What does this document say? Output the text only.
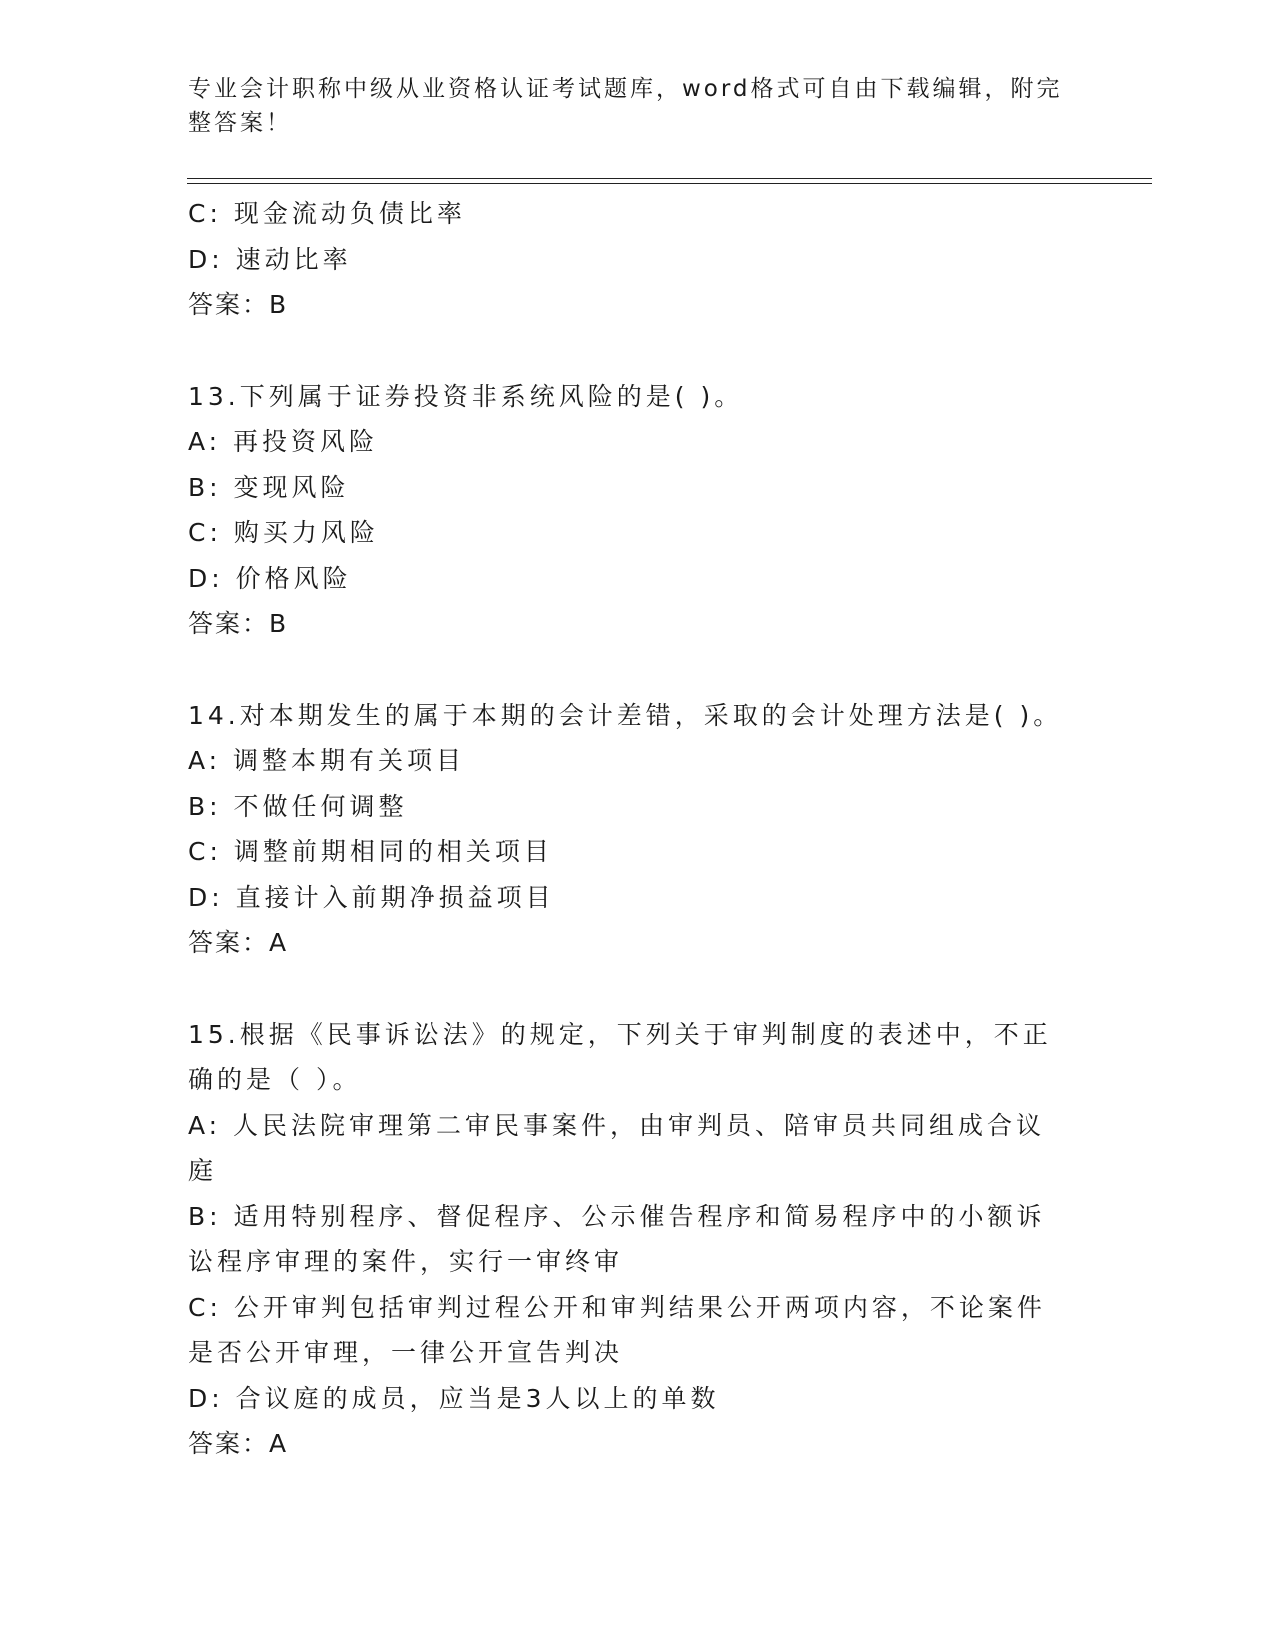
专业会计职称中级从业资格认证考试题库，word格式可自由下载编辑，附完整答案！

C: 现金流动负债比率

D: 速动比率

答案：B

13.下列属于证券投资非系统风险的是( )。

A: 再投资风险

B: 变现风险

C: 购买力风险

D: 价格风险

答案：B

14.对本期发生的属于本期的会计差错，采取的会计处理方法是( )。

A: 调整本期有关项目

B: 不做任何调整

C: 调整前期相同的相关项目

D: 直接计入前期净损益项目

答案：A

15.根据《民事诉讼法》的规定，下列关于审判制度的表述中，不正确的是（ ）。

A: 人民法院审理第二审民事案件，由审判员、陪审员共同组成合议庭

B: 适用特别程序、督促程序、公示催告程序和简易程序中的小额诉讼程序审理的案件，实行一审终审

C: 公开审判包括审判过程公开和审判结果公开两项内容，不论案件是否公开审理，一律公开宣告判决

D: 合议庭的成员，应当是3人以上的单数

答案：A
